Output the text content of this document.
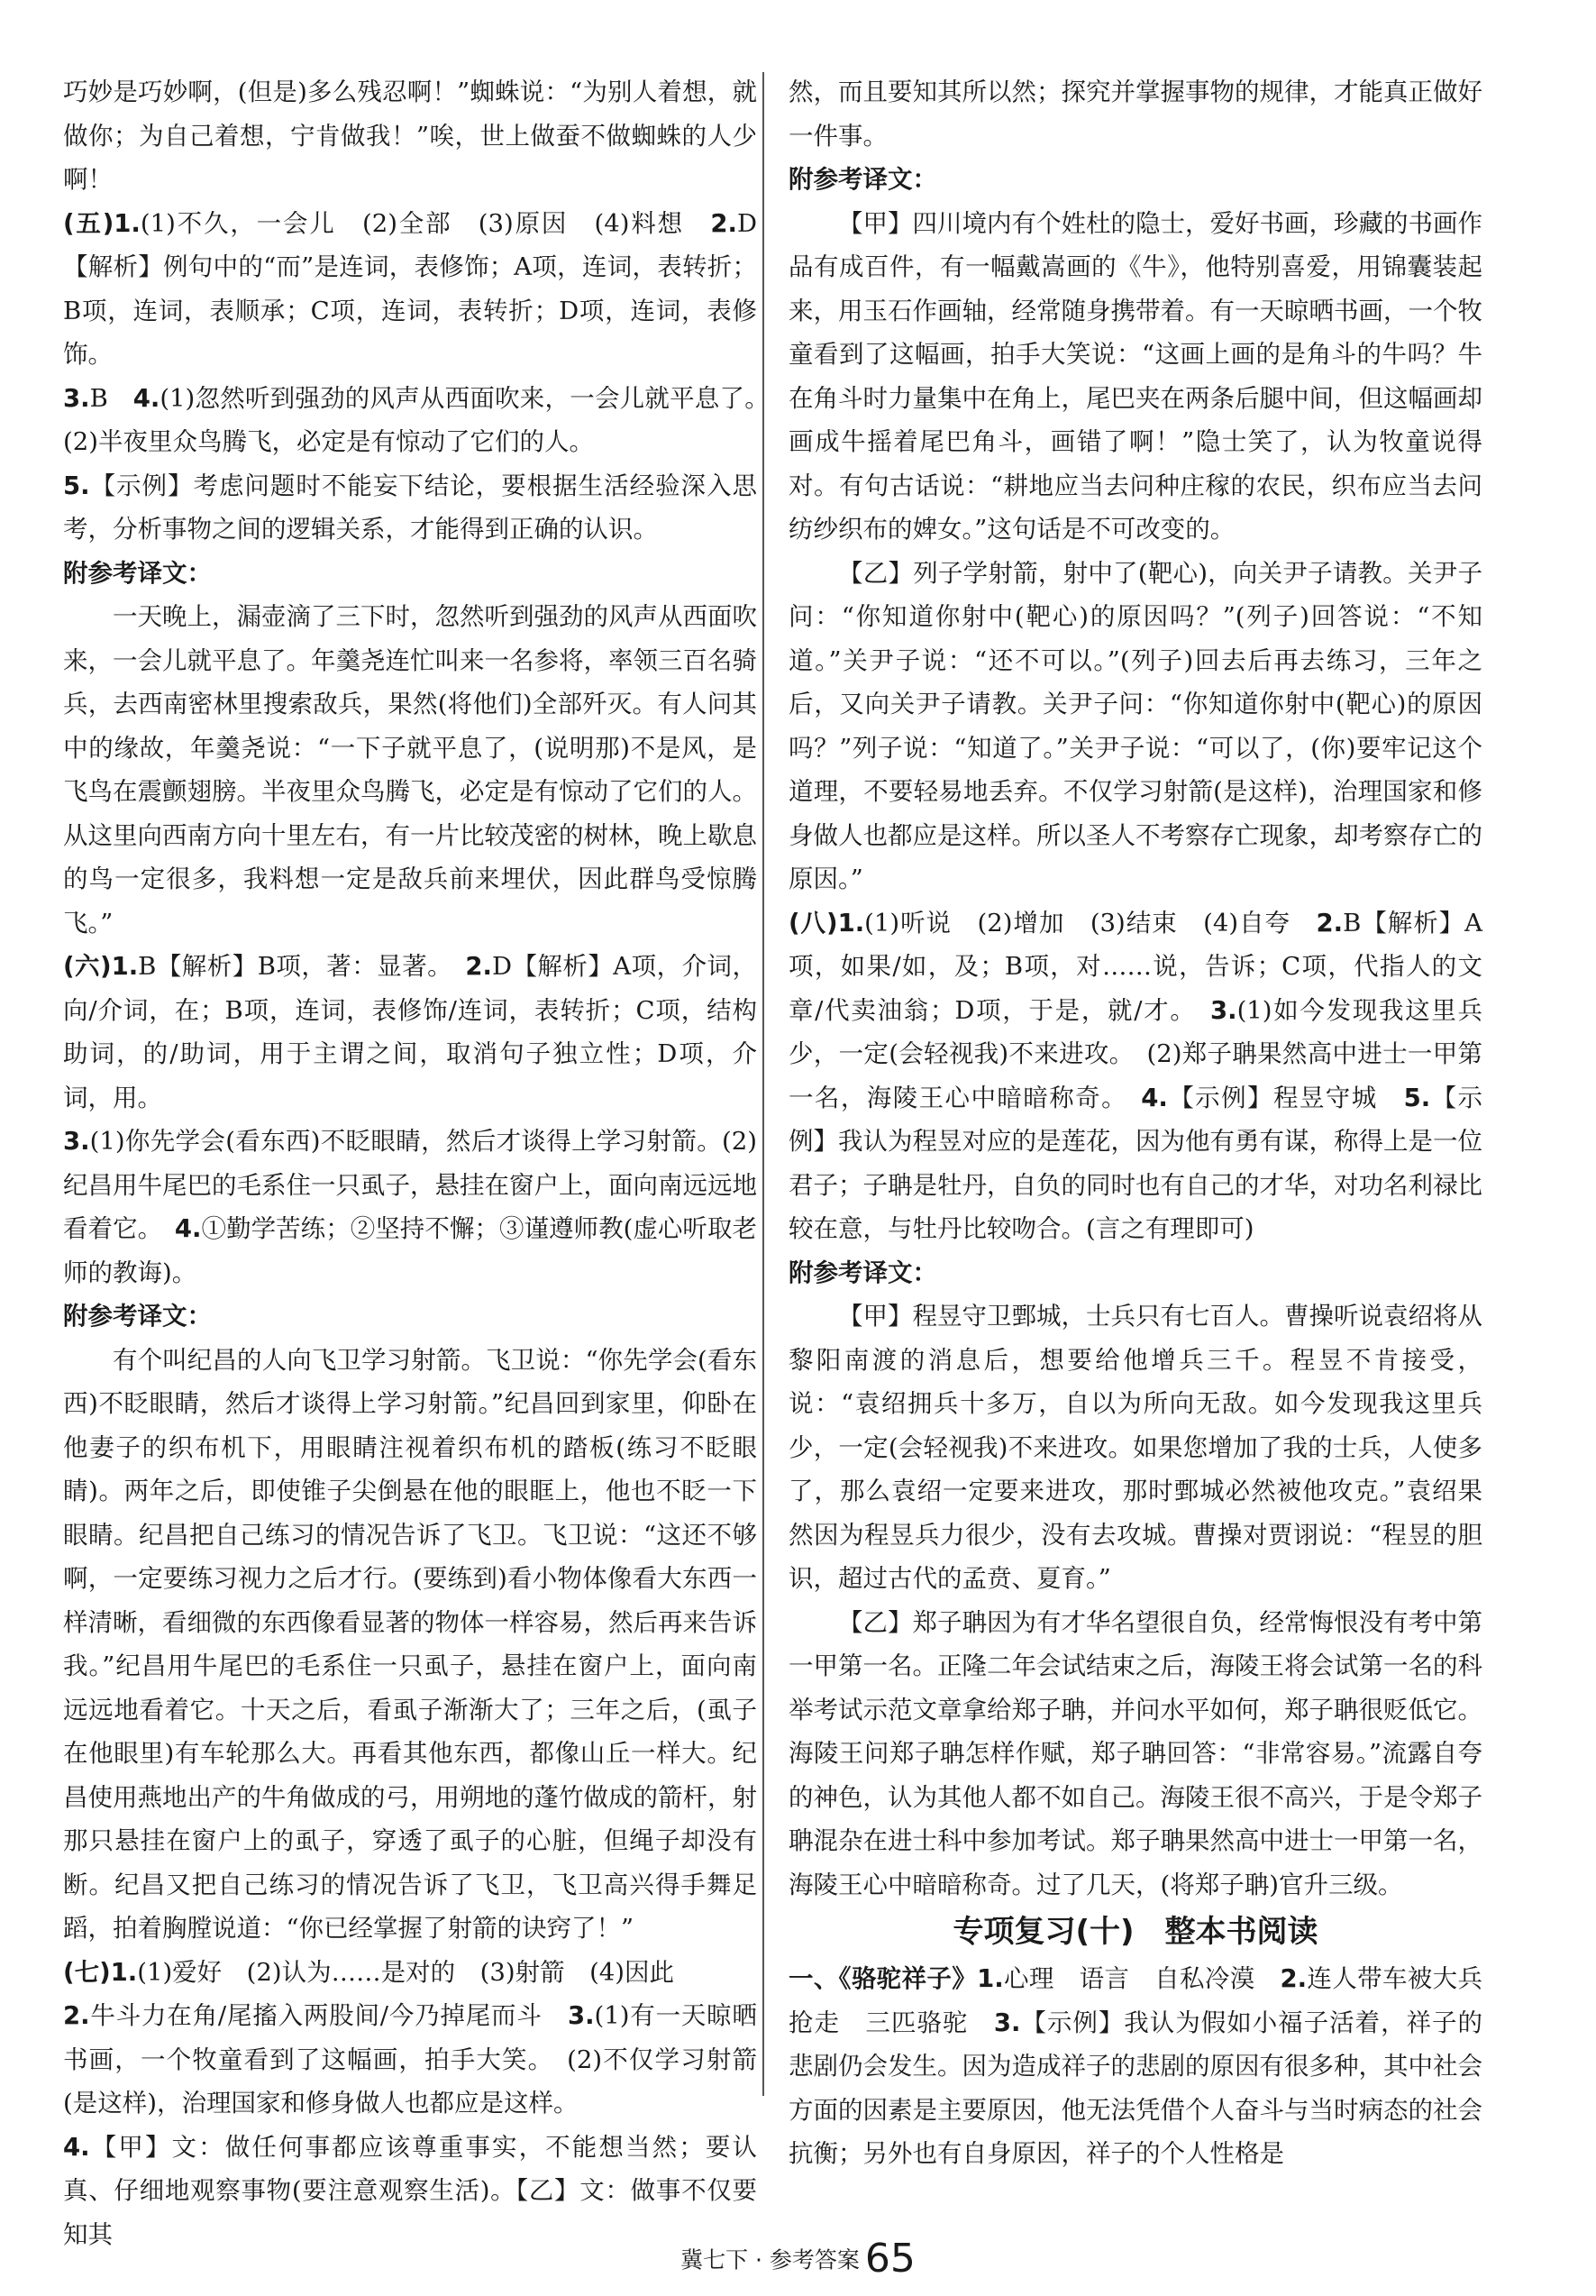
巧妙是巧妙啊，(但是)多么残忍啊！”蜘蛛说：“为别人着想，就做你；为自己着想，宁肯做我！”唉，世上做蚕不做蜘蛛的人少啊！

(五)1.(1)不久，一会儿　(2)全部　(3)原因　(4)料想　2.D【解析】例句中的“而”是连词，表修饰；A项，连词，表转折；B项，连词，表顺承；C项，连词，表转折；D项，连词，表修饰。

3.B　4.(1)忽然听到强劲的风声从西面吹来，一会儿就平息了。　(2)半夜里众鸟腾飞，必定是有惊动了它们的人。

5.【示例】考虑问题时不能妄下结论，要根据生活经验深入思考，分析事物之间的逻辑关系，才能得到正确的认识。

附参考译文：

一天晚上，漏壶滴了三下时，忽然听到强劲的风声从西面吹来，一会儿就平息了。年羹尧连忙叫来一名参将，率领三百名骑兵，去西南密林里搜索敌兵，果然(将他们)全部歼灭。有人问其中的缘故，年羹尧说：“一下子就平息了，(说明那)不是风，是飞鸟在震颤翅膀。半夜里众鸟腾飞，必定是有惊动了它们的人。从这里向西南方向十里左右，有一片比较茂密的树林，晚上歇息的鸟一定很多，我料想一定是敌兵前来埋伏，因此群鸟受惊腾飞。”

(六)1.B【解析】B项，著：显著。　2.D【解析】A项，介词，向/介词，在；B项，连词，表修饰/连词，表转折；C项，结构助词，的/助词，用于主谓之间，取消句子独立性；D项，介词，用。

3.(1)你先学会(看东西)不眨眼睛，然后才谈得上学习射箭。(2)纪昌用牛尾巴的毛系住一只虱子，悬挂在窗户上，面向南远远地看着它。　4.①勤学苦练；②坚持不懈；③谨遵师教(虚心听取老师的教诲)。

附参考译文：

有个叫纪昌的人向飞卫学习射箭。飞卫说：“你先学会(看东西)不眨眼睛，然后才谈得上学习射箭。”纪昌回到家里，仰卧在他妻子的织布机下，用眼睛注视着织布机的踏板(练习不眨眼睛)。两年之后，即使锥子尖倒悬在他的眼眶上，他也不眨一下眼睛。纪昌把自己练习的情况告诉了飞卫。飞卫说：“这还不够啊，一定要练习视力之后才行。(要练到)看小物体像看大东西一样清晰，看细微的东西像看显著的物体一样容易，然后再来告诉我。”纪昌用牛尾巴的毛系住一只虱子，悬挂在窗户上，面向南远远地看着它。十天之后，看虱子渐渐大了；三年之后，(虱子在他眼里)有车轮那么大。再看其他东西，都像山丘一样大。纪昌使用燕地出产的牛角做成的弓，用朔地的蓬竹做成的箭杆，射那只悬挂在窗户上的虱子，穿透了虱子的心脏，但绳子却没有断。纪昌又把自己练习的情况告诉了飞卫，飞卫高兴得手舞足蹈，拍着胸膛说道：“你已经掌握了射箭的诀窍了！”

(七)1.(1)爱好　(2)认为……是对的　(3)射箭　(4)因此

2.牛斗力在角/尾搐入两股间/今乃掉尾而斗　3.(1)有一天晾晒书画，一个牧童看到了这幅画，拍手大笑。　(2)不仅学习射箭(是这样)，治理国家和修身做人也都应是这样。

4.【甲】文：做任何事都应该尊重事实，不能想当然；要认真、仔细地观察事物(要注意观察生活)。【乙】文：做事不仅要知其

然，而且要知其所以然；探究并掌握事物的规律，才能真正做好一件事。

附参考译文：

【甲】四川境内有个姓杜的隐士，爱好书画，珍藏的书画作品有成百件，有一幅戴嵩画的《牛》，他特别喜爱，用锦囊装起来，用玉石作画轴，经常随身携带着。有一天晾晒书画，一个牧童看到了这幅画，拍手大笑说：“这画上画的是角斗的牛吗？牛在角斗时力量集中在角上，尾巴夹在两条后腿中间，但这幅画却画成牛摇着尾巴角斗，画错了啊！”隐士笑了，认为牧童说得对。有句古话说：“耕地应当去问种庄稼的农民，织布应当去问纺纱织布的婢女。”这句话是不可改变的。

【乙】列子学射箭，射中了(靶心)，向关尹子请教。关尹子问：“你知道你射中(靶心)的原因吗？”(列子)回答说：“不知道。”关尹子说：“还不可以。”(列子)回去后再去练习，三年之后，又向关尹子请教。关尹子问：“你知道你射中(靶心)的原因吗？”列子说：“知道了。”关尹子说：“可以了，(你)要牢记这个道理，不要轻易地丢弃。不仅学习射箭(是这样)，治理国家和修身做人也都应是这样。所以圣人不考察存亡现象，却考察存亡的原因。”

(八)1.(1)听说　(2)增加　(3)结束　(4)自夸　2.B【解析】A项，如果/如，及；B项，对……说，告诉；C项，代指人的文章/代卖油翁；D项，于是，就/才。　3.(1)如今发现我这里兵少，一定(会轻视我)不来进攻。　(2)郑子聃果然高中进士一甲第一名，海陵王心中暗暗称奇。　4.【示例】程昱守城　5.【示例】我认为程昱对应的是莲花，因为他有勇有谋，称得上是一位君子；子聃是牡丹，自负的同时也有自己的才华，对功名利禄比较在意，与牡丹比较吻合。(言之有理即可)

附参考译文：

【甲】程昱守卫鄄城，士兵只有七百人。曹操听说袁绍将从黎阳南渡的消息后，想要给他增兵三千。程昱不肯接受，说：“袁绍拥兵十多万，自以为所向无敌。如今发现我这里兵少，一定(会轻视我)不来进攻。如果您增加了我的士兵，人使多了，那么袁绍一定要来进攻，那时鄄城必然被他攻克。”袁绍果然因为程昱兵力很少，没有去攻城。曹操对贾诩说：“程昱的胆识，超过古代的孟贲、夏育。”

【乙】郑子聃因为有才华名望很自负，经常悔恨没有考中第一甲第一名。正隆二年会试结束之后，海陵王将会试第一名的科举考试示范文章拿给郑子聃，并问水平如何，郑子聃很贬低它。海陵王问郑子聃怎样作赋，郑子聃回答：“非常容易。”流露自夸的神色，认为其他人都不如自己。海陵王很不高兴，于是令郑子聃混杂在进士科中参加考试。郑子聃果然高中进士一甲第一名，海陵王心中暗暗称奇。过了几天，(将郑子聃)官升三级。

专项复习(十)　整本书阅读

一、《骆驼祥子》1.心理　语言　自私冷漠　2.连人带车被大兵抢走　三匹骆驼　3.【示例】我认为假如小福子活着，祥子的悲剧仍会发生。因为造成祥子的悲剧的原因有很多种，其中社会方面的因素是主要原因，他无法凭借个人奋斗与当时病态的社会抗衡；另外也有自身原因，祥子的个人性格是

冀七下 · 参考答案 65
